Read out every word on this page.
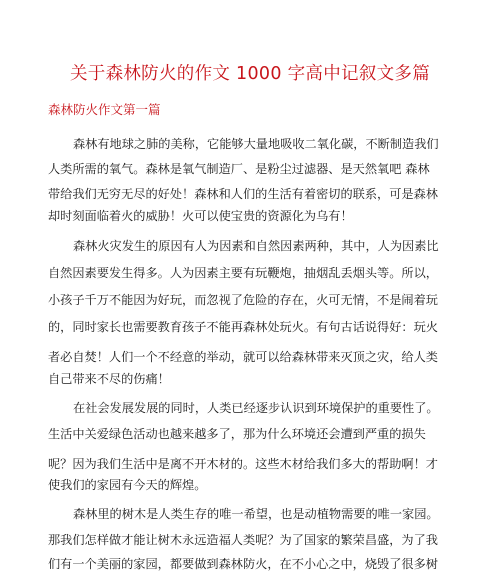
关于森林防火的作文 1000 字高中记叙文多篇
森林防火作文第一篇
森林有地球之肺的美称，它能够大量地吸收二氧化碳，不断制造我们
人类所需的氧气。森林是氧气制造厂、是粉尘过滤器、是天然氧吧 森林
带给我们无穷无尽的好处！森林和人们的生活有着密切的联系，可是森林
却时刻面临着火的威胁！火可以使宝贵的资源化为乌有！
森林火灾发生的原因有人为因素和自然因素两种，其中，人为因素比
自然因素要发生得多。人为因素主要有玩鞭炮，抽烟乱丢烟头等。所以，
小孩子千万不能因为好玩，而忽视了危险的存在，火可无情，不是闹着玩
的，同时家长也需要教育孩子不能再森林处玩火。有句古话说得好：玩火
者必自焚！人们一个不经意的举动，就可以给森林带来灭顶之灾，给人类
自己带来不尽的伤痛！
在社会发展发展的同时，人类已经逐步认识到环境保护的重要性了。
生活中关爱绿色活动也越来越多了，那为什么环境还会遭到严重的损失
呢？因为我们生活中是离不开木材的。这些木材给我们多大的帮助啊！才
使我们的家园有今天的辉煌。
森林里的树木是人类生存的唯一希望，也是动植物需要的唯一家园。
那我们怎样做才能让树木永远造福人类呢？为了国家的繁荣昌盛，为了我
们有一个美丽的家园，都要做到森林防火，在不小心之中，烧毁了很多树
